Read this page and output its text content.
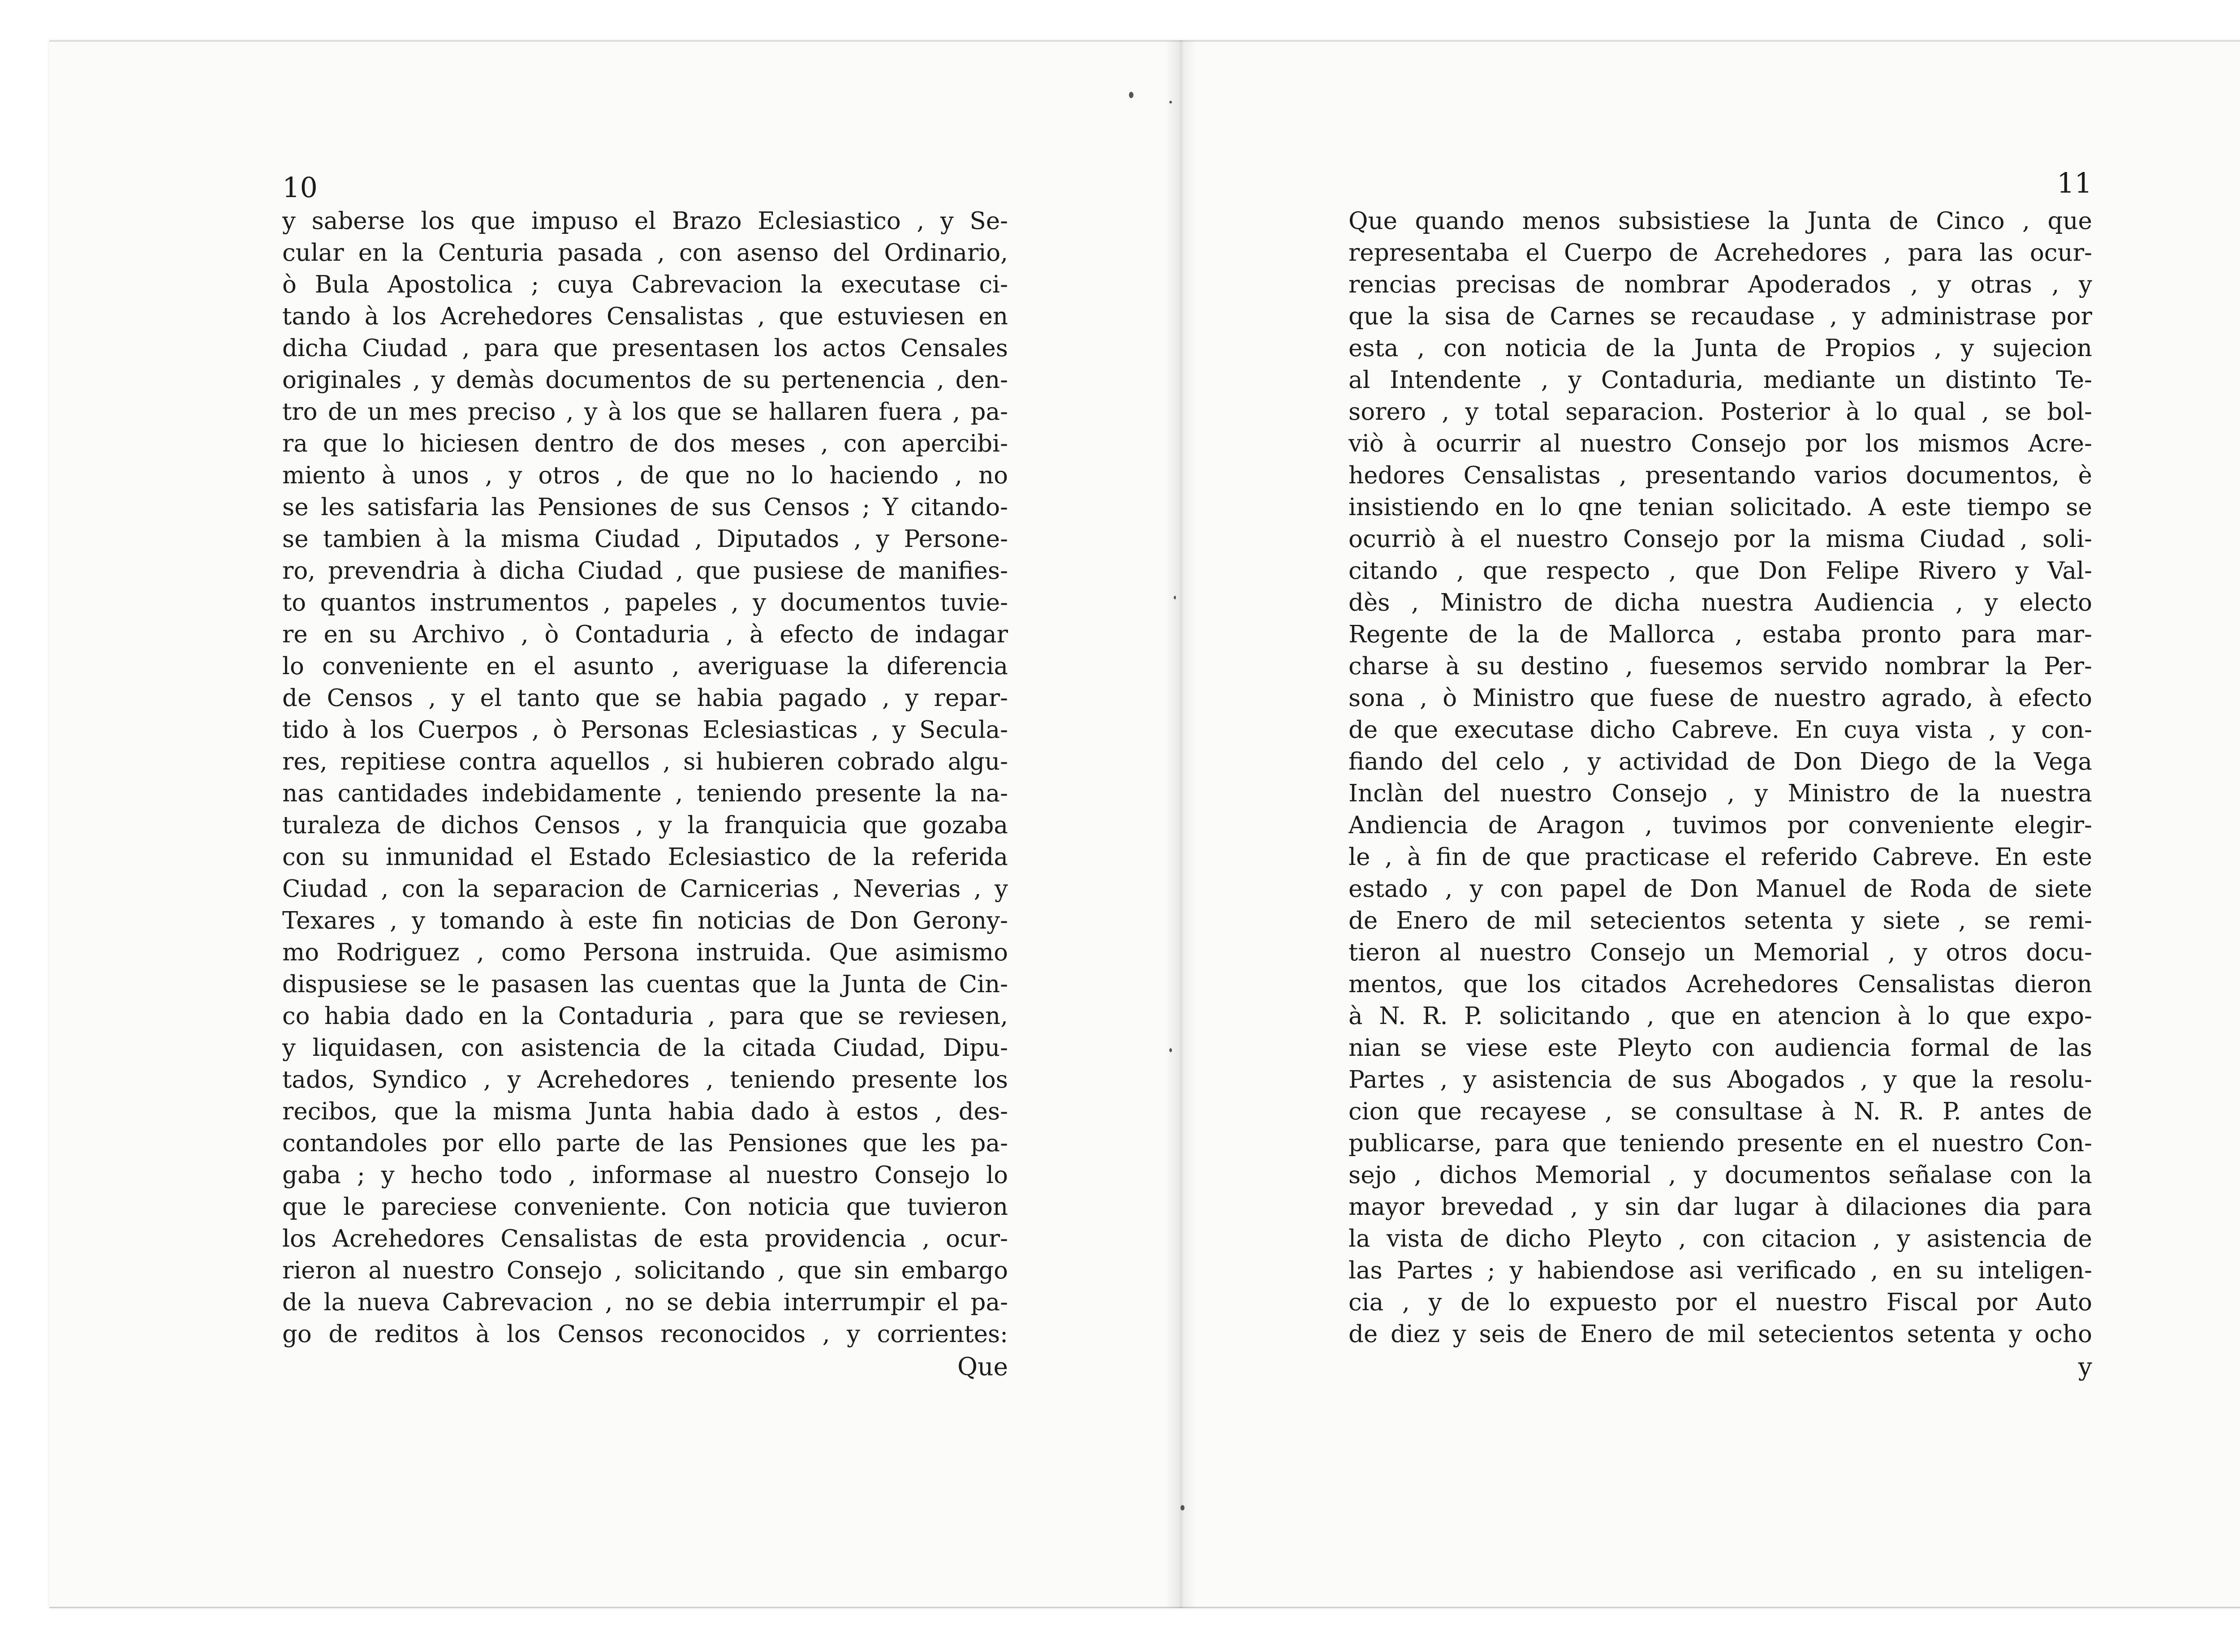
10
y saberse los que impuso el Brazo Eclesiastico , y Se-
cular en la Centuria pasada , con asenso del Ordinario,
ò Bula Apostolica ; cuya Cabrevacion la executase ci-
tando à los Acrehedores Censalistas , que estuviesen en
dicha Ciudad , para que presentasen los actos Censales
originales , y demàs documentos de su pertenencia , den-
tro de un mes preciso , y à los que se hallaren fuera , pa-
ra que lo hiciesen dentro de dos meses , con apercibi-
miento à unos , y otros , de que no lo haciendo , no
se les satisfaria las Pensiones de sus Censos ; Y citando-
se tambien à la misma Ciudad , Diputados , y Persone-
ro, prevendria à dicha Ciudad , que pusiese de manifies-
to quantos instrumentos , papeles , y documentos tuvie-
re en su Archivo , ò Contaduria , à efecto de indagar
lo conveniente en el asunto , averiguase la diferencia
de Censos , y el tanto que se habia pagado , y repar-
tido à los Cuerpos , ò Personas Eclesiasticas , y Secula-
res, repitiese contra aquellos , si hubieren cobrado algu-
nas cantidades indebidamente , teniendo presente la na-
turaleza de dichos Censos , y la franquicia que gozaba
con su inmunidad el Estado Eclesiastico de la referida
Ciudad , con la separacion de Carnicerias , Neverias , y
Texares , y tomando à este fin noticias de Don Gerony-
mo Rodriguez , como Persona instruida. Que asimismo
dispusiese se le pasasen las cuentas que la Junta de Cin-
co habia dado en la Contaduria , para que se reviesen,
y liquidasen, con asistencia de la citada Ciudad, Dipu-
tados, Syndico , y Acrehedores , teniendo presente los
recibos, que la misma Junta habia dado à estos , des-
contandoles por ello parte de las Pensiones que les pa-
gaba ; y hecho todo , informase al nuestro Consejo lo
que le pareciese conveniente. Con noticia que tuvieron
los Acrehedores Censalistas de esta providencia , ocur-
rieron al nuestro Consejo , solicitando , que sin embargo
de la nueva Cabrevacion , no se debia interrumpir el pa-
go de reditos à los Censos reconocidos , y corrientes:
Que
11
Que quando menos subsistiese la Junta de Cinco , que
representaba el Cuerpo de Acrehedores , para las ocur-
rencias precisas de nombrar Apoderados , y otras , y
que la sisa de Carnes se recaudase , y administrase por
esta , con noticia de la Junta de Propios , y sujecion
al Intendente , y Contaduria, mediante un distinto Te-
sorero , y total separacion. Posterior à lo qual , se bol-
viò à ocurrir al nuestro Consejo por los mismos Acre-
hedores Censalistas , presentando varios documentos, è
insistiendo en lo qne tenian solicitado. A este tiempo se
ocurriò à el nuestro Consejo por la misma Ciudad , soli-
citando , que respecto , que Don Felipe Rivero y Val-
dès , Ministro de dicha nuestra Audiencia , y electo
Regente de la de Mallorca , estaba pronto para mar-
charse à su destino , fuesemos servido nombrar la Per-
sona , ò Ministro que fuese de nuestro agrado, à efecto
de que executase dicho Cabreve. En cuya vista , y con-
fiando del celo , y actividad de Don Diego de la Vega
Inclàn del nuestro Consejo , y Ministro de la nuestra
Andiencia de Aragon , tuvimos por conveniente elegir-
le , à fin de que practicase el referido Cabreve. En este
estado , y con papel de Don Manuel de Roda de siete
de Enero de mil setecientos setenta y siete , se remi-
tieron al nuestro Consejo un Memorial , y otros docu-
mentos, que los citados Acrehedores Censalistas dieron
à N. R. P. solicitando , que en atencion à lo que expo-
nian se viese este Pleyto con audiencia formal de las
Partes , y asistencia de sus Abogados , y que la resolu-
cion que recayese , se consultase à N. R. P. antes de
publicarse, para que teniendo presente en el nuestro Con-
sejo , dichos Memorial , y documentos señalase con la
mayor brevedad , y sin dar lugar à dilaciones dia para
la vista de dicho Pleyto , con citacion , y asistencia de
las Partes ; y habiendose asi verificado , en su inteligen-
cia , y de lo expuesto por el nuestro Fiscal por Auto
de diez y seis de Enero de mil setecientos setenta y ocho
y
